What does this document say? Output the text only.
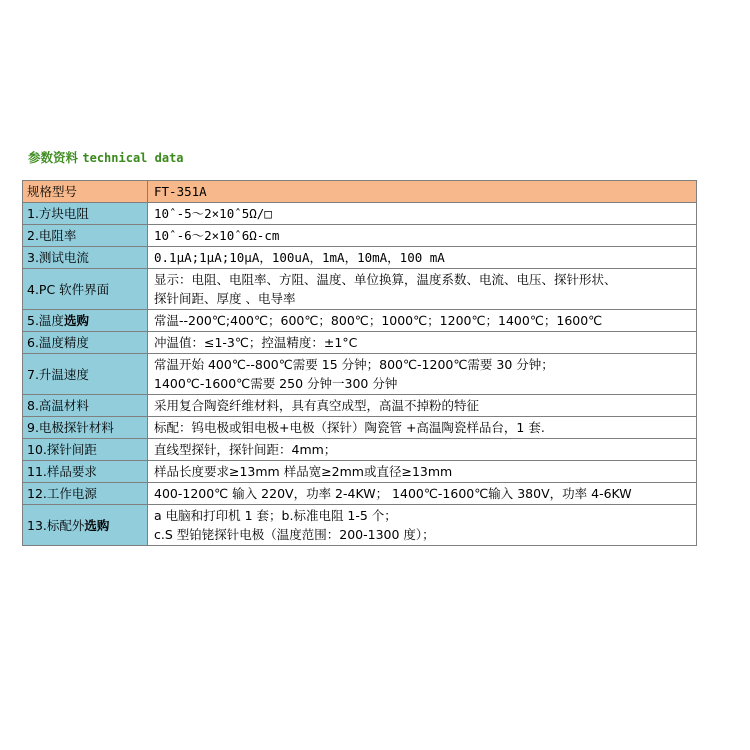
参数资料 technical data
规格型号	FT-351A
1.方块电阻	10ˆ-5～2×10ˆ5Ω/□

2.电阻率	10ˆ-6～2×10ˆ6Ω-cm

3.测试电流	0.1μA;1μA;10μA，100uA，1mA，10mA，100 mA

4.PC 软件界面	显示：电阻、电阻率、方阻、温度、单位换算，温度系数、电流、电压、探针形状、
探针间距、厚度 、电导率

5.温度选购	常温--200℃;400℃；600℃；800℃；1000℃；1200℃；1400℃；1600℃

6.温度精度	冲温值：≤1-3℃；控温精度：±1°C

7.升温速度	常温开始 400℃--800℃需要 15 分钟；800℃-1200℃需要 30 分钟；
1400℃-1600℃需要 250 分钟一300 分钟

8.高温材料	采用复合陶瓷纤维材料，具有真空成型，高温不掉粉的特征

9.电极探针材料	标配：钨电极或钼电极+电极（探针）陶瓷管 +高温陶瓷样品台，1 套.

10.探针间距	直线型探针，探针间距：4mm；

11.样品要求	样品长度要求≥13mm 样品宽≥2mm或直径≥13mm

12.工作电源	400-1200℃ 输入 220V，功率 2-4KW； 1400℃-1600℃输入 380V，功率 4-6KW

13.标配外选购	a 电脑和打印机 1 套；b.标准电阻 1-5 个；
c.S 型铂铑探针电极（温度范围：200-1300 度）；
